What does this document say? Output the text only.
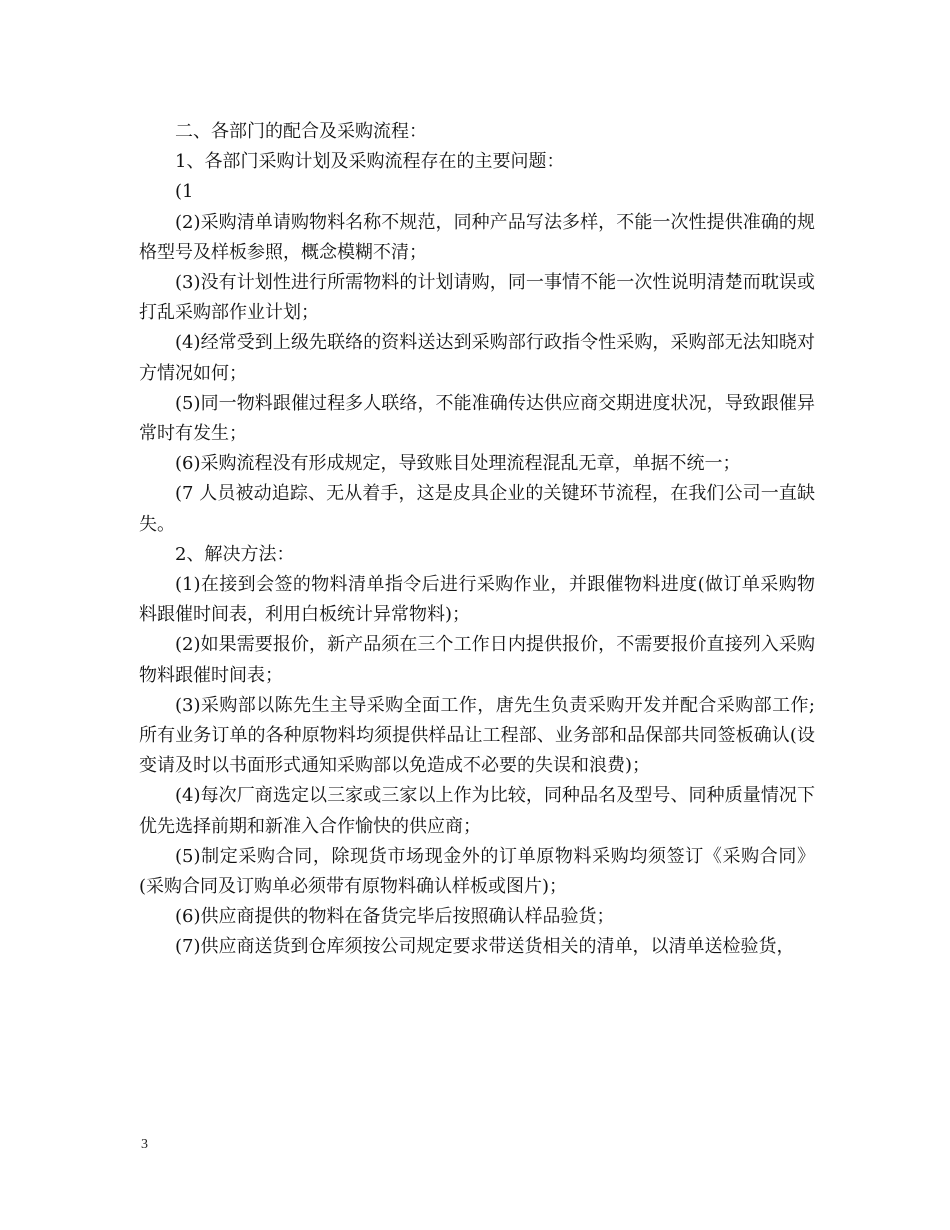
二、各部门的配合及采购流程：

1、各部门采购计划及采购流程存在的主要问题：

(1

(2)采购清单请购物料名称不规范，同种产品写法多样，不能一次性提供准确的规格型号及样板参照，概念模糊不清；

(3)没有计划性进行所需物料的计划请购，同一事情不能一次性说明清楚而耽误或打乱采购部作业计划；

(4)经常受到上级先联络的资料送达到采购部行政指令性采购，采购部无法知晓对方情况如何；

(5)同一物料跟催过程多人联络，不能准确传达供应商交期进度状况，导致跟催异常时有发生；

(6)采购流程没有形成规定，导致账目处理流程混乱无章，单据不统一；

(7 人员被动追踪、无从着手，这是皮具企业的关键环节流程，在我们公司一直缺失。

2、解决方法：

(1)在接到会签的物料清单指令后进行采购作业，并跟催物料进度(做订单采购物料跟催时间表，利用白板统计异常物料)；

(2)如果需要报价，新产品须在三个工作日内提供报价，不需要报价直接列入采购物料跟催时间表；

(3)采购部以陈先生主导采购全面工作，唐先生负责采购开发并配合采购部工作;所有业务订单的各种原物料均须提供样品让工程部、业务部和品保部共同签板确认(设变请及时以书面形式通知采购部以免造成不必要的失误和浪费)；

(4)每次厂商选定以三家或三家以上作为比较，同种品名及型号、同种质量情况下优先选择前期和新准入合作愉快的供应商；

(5)制定采购合同，除现货市场现金外的订单原物料采购均须签订《采购合同》(采购合同及订购单必须带有原物料确认样板或图片)；

(6)供应商提供的物料在备货完毕后按照确认样品验货；

(7)供应商送货到仓库须按公司规定要求带送货相关的清单，以清单送检验货，

3
